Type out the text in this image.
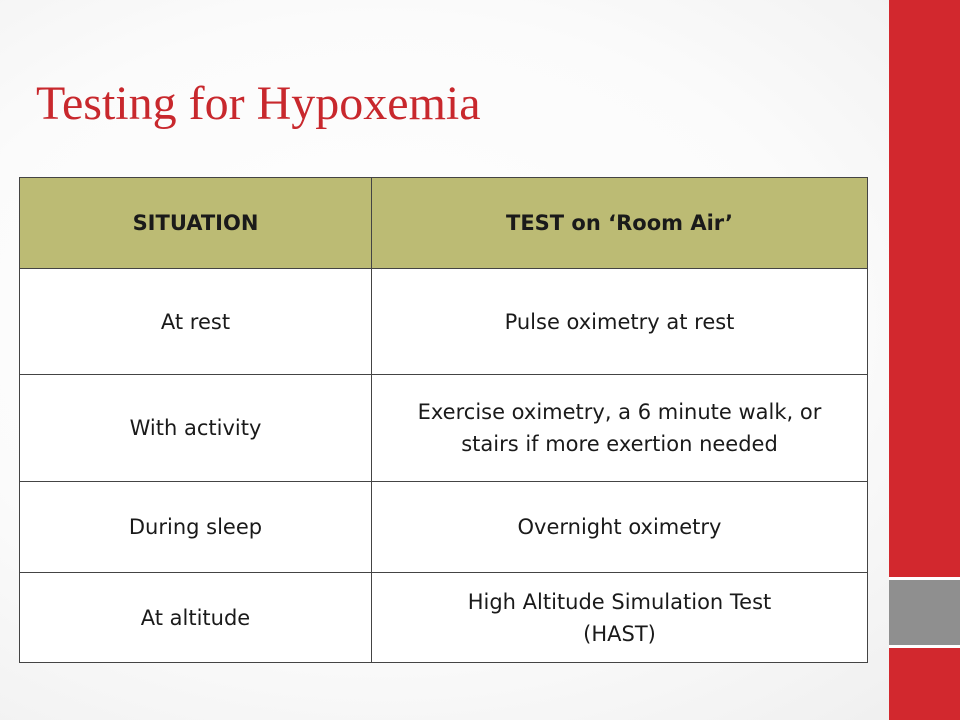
Testing for Hypoxemia
SITUATION	TEST on ‘Room Air’
At rest	Pulse oximetry at rest
With activity	Exercise oximetry, a 6 minute walk, or stairs if more exertion needed
During sleep	Overnight oximetry
At altitude	High Altitude Simulation Test (HAST)
